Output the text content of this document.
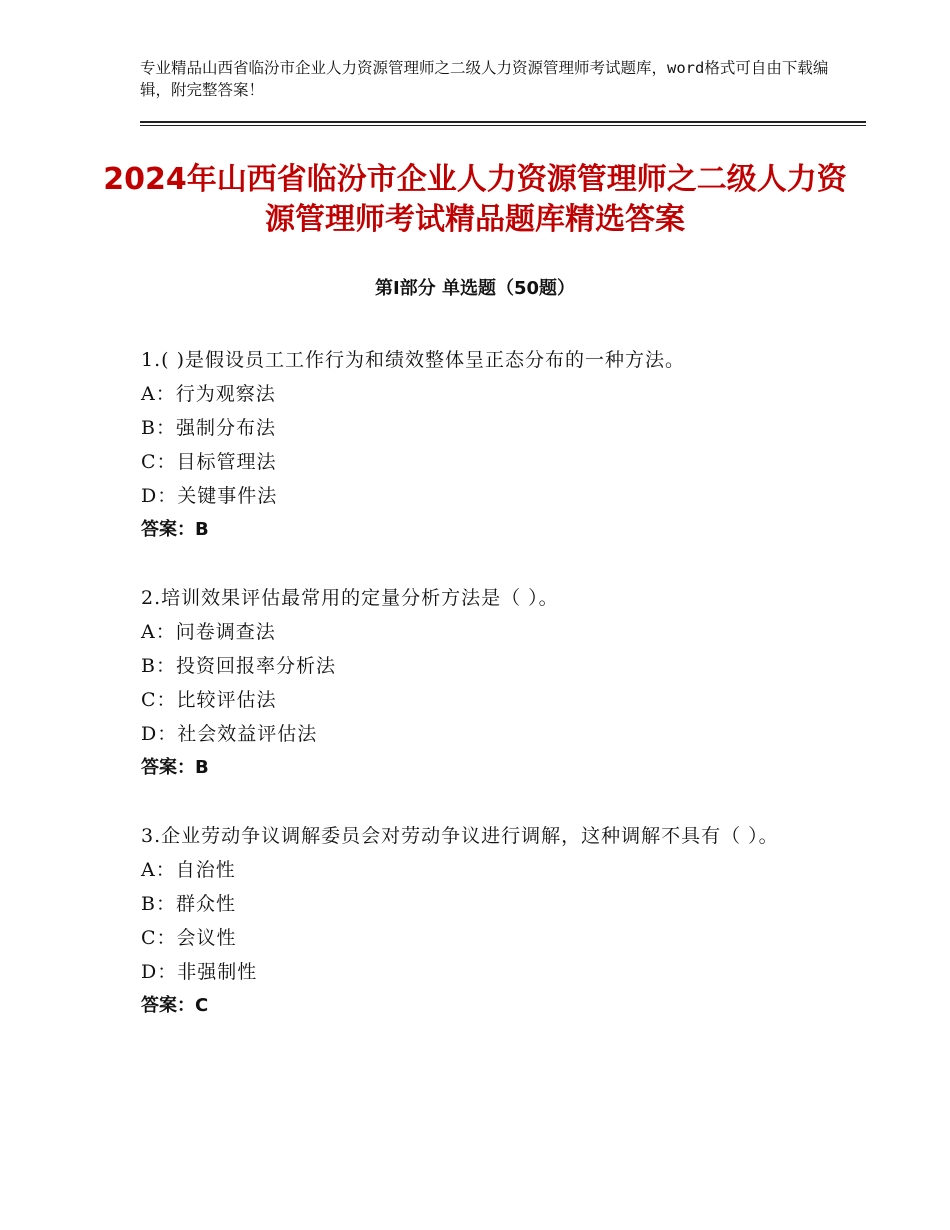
专业精品山西省临汾市企业人力资源管理师之二级人力资源管理师考试题库，word格式可自由下载编辑，附完整答案！
2024年山西省临汾市企业人力资源管理师之二级人力资源管理师考试精品题库精选答案
第Ⅰ部分 单选题（50题）

1.( )是假设员工工作行为和绩效整体呈正态分布的一种方法。

A：行为观察法

B：强制分布法

C：目标管理法

D：关键事件法

答案：B

2.培训效果评估最常用的定量分析方法是（ ）。

A：问卷调查法

B：投资回报率分析法

C：比较评估法

D：社会效益评估法

答案：B

3.企业劳动争议调解委员会对劳动争议进行调解，这种调解不具有（ ）。

A：自治性

B：群众性

C：会议性

D：非强制性

答案：C
